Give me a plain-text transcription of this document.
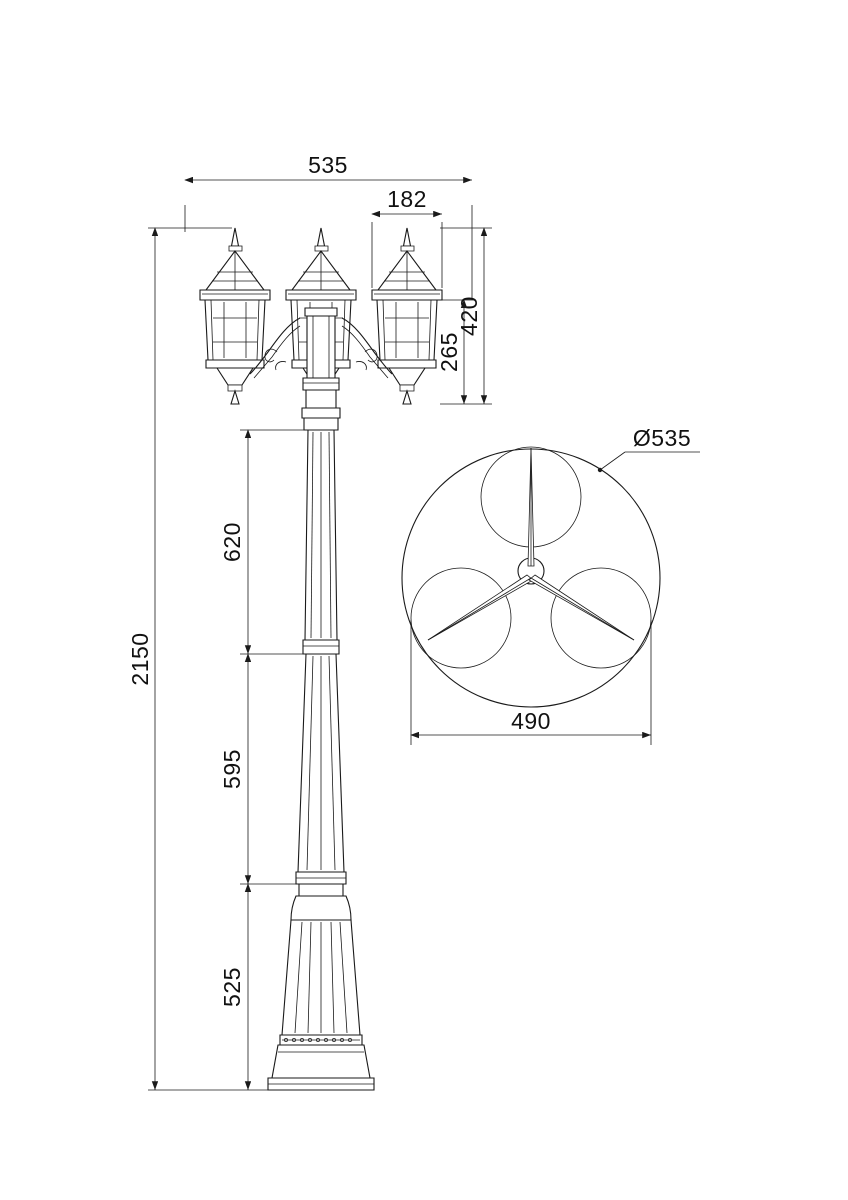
535
182
420
265
2150
620
595
525
Ø535
490
